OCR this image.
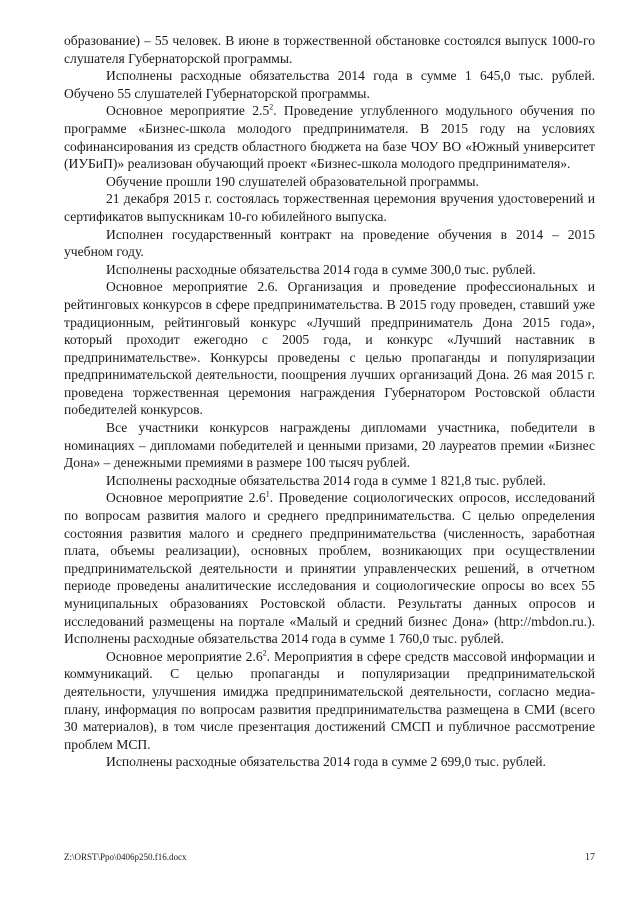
образование) – 55 человек. В июне в торжественной обстановке состоялся выпуск 1000-го слушателя Губернаторской программы.

Исполнены расходные обязательства 2014 года в сумме 1 645,0 тыс. рублей. Обучено 55 слушателей Губернаторской программы.

Основное мероприятие $2.5^2$. Проведение углубленного модульного обучения по программе «Бизнес-школа молодого предпринимателя. В 2015 году на условиях софинансирования из средств областного бюджета на базе ЧОУ ВО «Южный университет (ИУБиП)» реализован обучающий проект «Бизнес-школа молодого предпринимателя».

Обучение прошли 190 слушателей образовательной программы.

21 декабря 2015 г. состоялась торжественная церемония вручения удостоверений и сертификатов выпускникам 10-го юбилейного выпуска.

Исполнен государственный контракт на проведение обучения в 2014 – 2015 учебном году.

Исполнены расходные обязательства 2014 года в сумме 300,0 тыс. рублей.

Основное мероприятие 2.6. Организация и проведение профессиональных и рейтинговых конкурсов в сфере предпринимательства. В 2015 году проведен, ставший уже традиционным, рейтинговый конкурс «Лучший предприниматель Дона 2015 года», который проходит ежегодно с 2005 года, и конкурс «Лучший наставник в предпринимательстве». Конкурсы проведены с целью пропаганды и популяризации предпринимательской деятельности, поощрения лучших организаций Дона. 26 мая 2015 г. проведена торжественная церемония награждения Губернатором Ростовской области победителей конкурсов.

Все участники конкурсов награждены дипломами участника, победители в номинациях – дипломами победителей и ценными призами, 20 лауреатов премии «Бизнес Дона» – денежными премиями в размере 100 тысяч рублей.

Исполнены расходные обязательства 2014 года в сумме 1 821,8 тыс. рублей.

Основное мероприятие $2.6^1$. Проведение социологических опросов, исследований по вопросам развития малого и среднего предпринимательства. С целью определения состояния развития малого и среднего предпринимательства (численность, заработная плата, объемы реализации), основных проблем, возникающих при осуществлении предпринимательской деятельности и принятии управленческих решений, в отчетном периоде проведены аналитические исследования и социологические опросы во всех 55 муниципальных образованиях Ростовской области. Результаты данных опросов и исследований размещены на портале «Малый и средний бизнес Дона» (http://mbdon.ru.). Исполнены расходные обязательства 2014 года в сумме 1 760,0 тыс. рублей.

Основное мероприятие $2.6^2$. Мероприятия в сфере средств массовой информации и коммуникаций. С целью пропаганды и популяризации предпринимательской деятельности, улучшения имиджа предпринимательской деятельности, согласно медиа-плану, информация по вопросам развития предпринимательства размещена в СМИ (всего 30 материалов), в том числе презентация достижений СМСП и публичное рассмотрение проблем МСП.

Исполнены расходные обязательства 2014 года в сумме 2 699,0 тыс. рублей.

Z:\ORST\Ppo\0406p250.f16.docx	17
